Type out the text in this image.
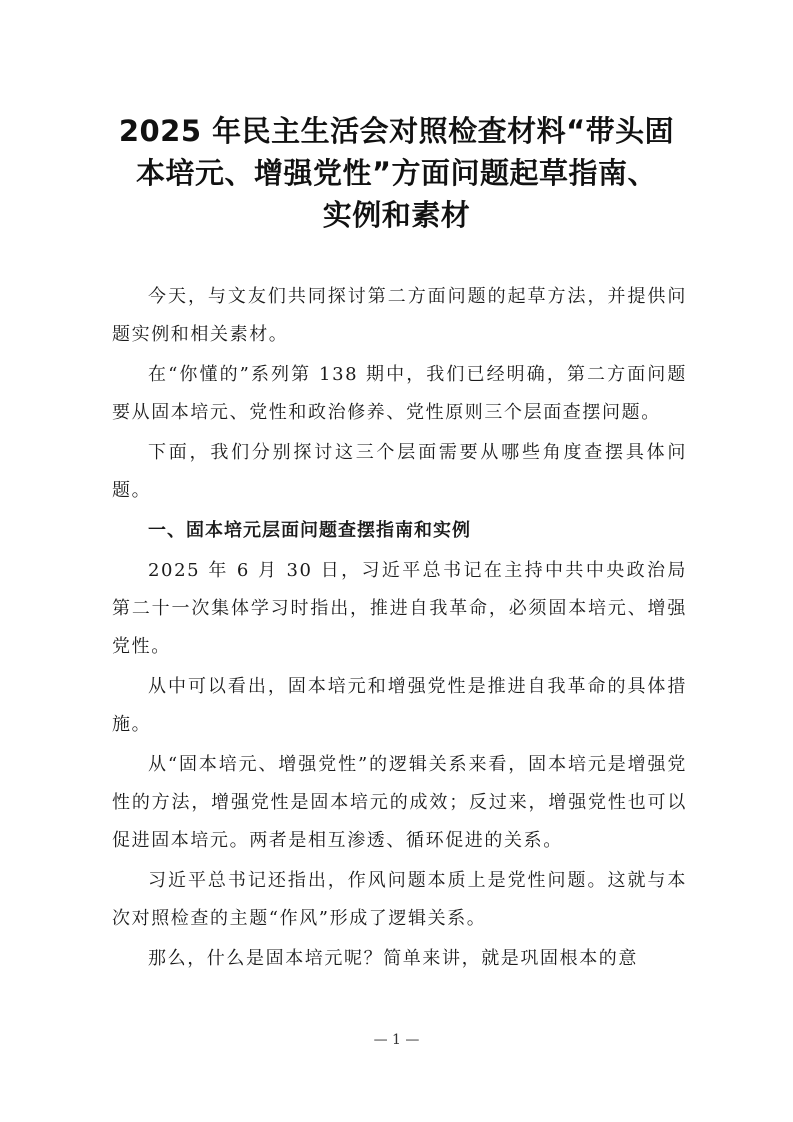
2025 年民主生活会对照检查材料“带头固
本培元、增强党性”方面问题起草指南、
实例和素材

今天，与文友们共同探讨第二方面问题的起草方法，并提供问题实例和相关素材。

在“你懂的”系列第 138 期中，我们已经明确，第二方面问题要从固本培元、党性和政治修养、党性原则三个层面查摆问题。

下面，我们分别探讨这三个层面需要从哪些角度查摆具体问题。

一、固本培元层面问题查摆指南和实例

2025 年 6 月 30 日，习近平总书记在主持中共中央政治局第二十一次集体学习时指出，推进自我革命，必须固本培元、增强党性。

从中可以看出，固本培元和增强党性是推进自我革命的具体措施。

从“固本培元、增强党性”的逻辑关系来看，固本培元是增强党性的方法，增强党性是固本培元的成效；反过来，增强党性也可以促进固本培元。两者是相互渗透、循环促进的关系。

习近平总书记还指出，作风问题本质上是党性问题。这就与本次对照检查的主题“作风”形成了逻辑关系。

那么，什么是固本培元呢？简单来讲，就是巩固根本的意

— 1 —
